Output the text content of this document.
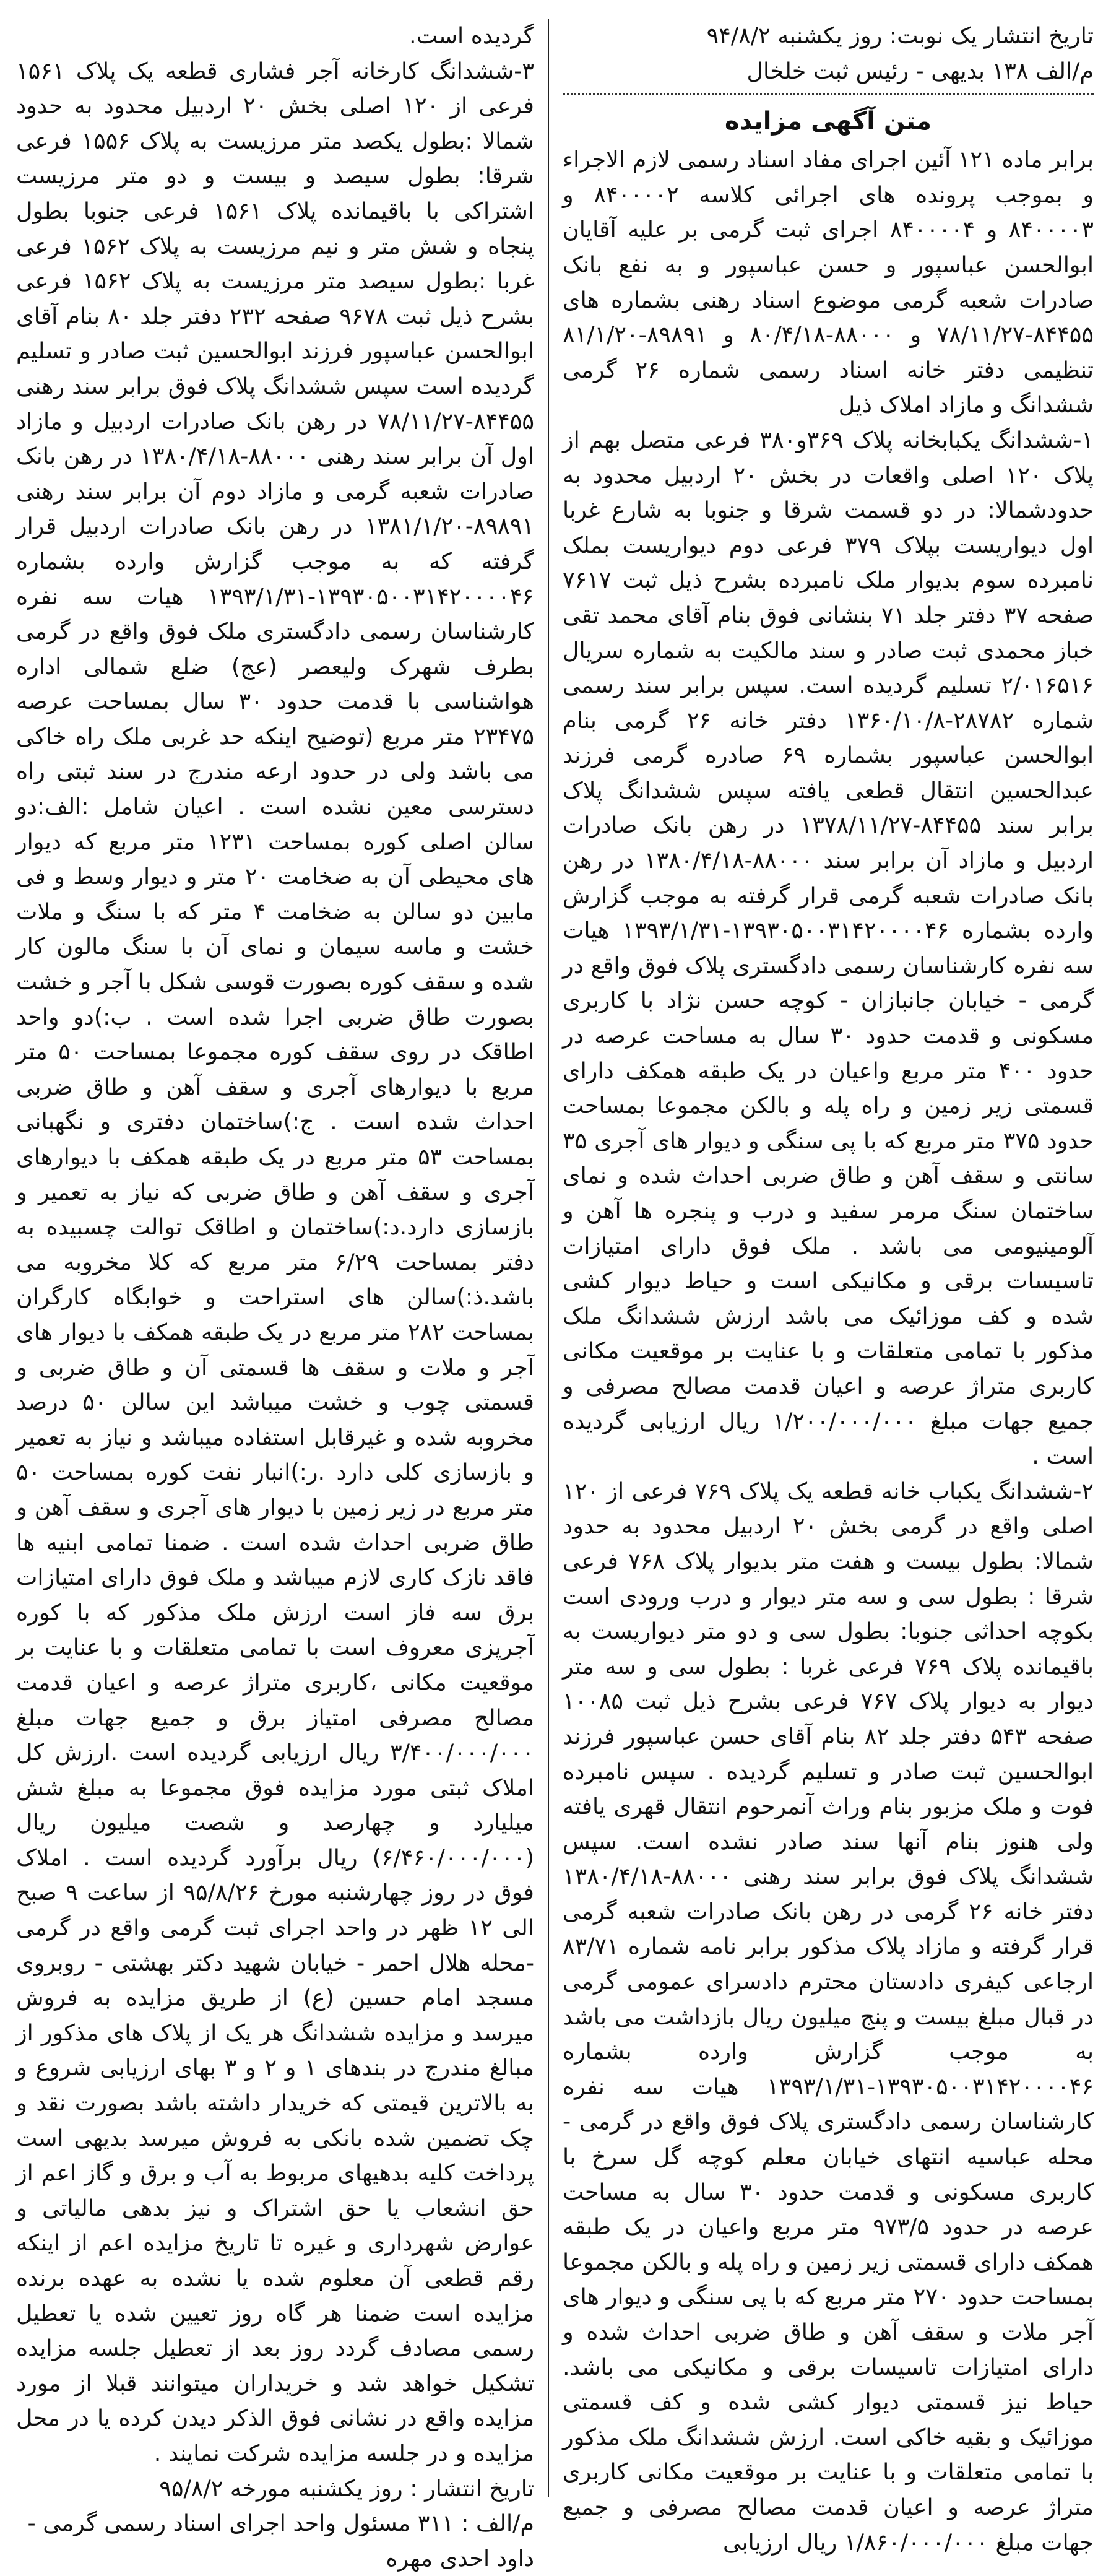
تاریخ انتشار یک نوبت: روز یکشنبه ۹۴/۸/۲
م/الف ۱۳۸ بدیهی - رئیس ثبت خلخال
متن آگهی مزایده
برابر ماده ۱۲۱ آئین اجرای مفاد اسناد رسمی لازم الاجراء و بموجب پرونده های اجرائی کلاسه ۸۴۰۰۰۰۲ و ۸۴۰۰۰۰۳ و ۸۴۰۰۰۰۴ اجرای ثبت گرمی بر علیه آقایان ابوالحسن عباسپور و حسن عباسپور و به نفع بانک صادرات شعبه گرمی موضوع اسناد رهنی بشماره های ۸۴۴۵۵-۷۸/۱۱/۲۷ و ۸۸۰۰۰-۸۰/۴/۱۸ و ۸۹۸۹۱-۸۱/۱/۲۰ تنظیمی دفتر خانه اسناد رسمی شماره ۲۶ گرمی ششدانگ و مازاد املاک ذیل
۱-ششدانگ یکبابخانه پلاک ۳۶۹و۳۸۰ فرعی متصل بهم از پلاک ۱۲۰ اصلی واقعات در بخش ۲۰ اردبیل محدود به حدودشمالا: در دو قسمت شرقا و جنوبا به شارع غربا اول دیواریست بپلاک ۳۷۹ فرعی دوم دیواریست بملک نامبرده سوم بدیوار ملک نامبرده بشرح ذیل ثبت ۷۶۱۷ صفحه ۳۷ دفتر جلد ۷۱ بنشانی فوق بنام آقای محمد تقی خباز محمدی ثبت صادر و سند مالکیت به شماره سریال ۲/۰۱۶۵۱۶ تسلیم گردیده است. سپس برابر سند رسمی شماره ۲۸۷۸۲-۱۳۶۰/۱۰/۸ دفتر خانه ۲۶ گرمی بنام ابوالحسن عباسپور بشماره ۶۹ صادره گرمی فرزند عبدالحسین انتقال قطعی یافته سپس ششدانگ پلاک برابر سند ۸۴۴۵۵-۱۳۷۸/۱۱/۲۷ در رهن بانک صادرات اردبیل و مازاد آن برابر سند ۸۸۰۰۰-۱۳۸۰/۴/۱۸ در رهن بانک صادرات شعبه گرمی قرار گرفته به موجب گزارش وارده بشماره ۱۳۹۳۰۵۰۰۳۱۴۲۰۰۰۰۴۶-۱۳۹۳/۱/۳۱ هیات سه نفره کارشناسان رسمی دادگستری پلاک فوق واقع در گرمی - خیابان جانبازان - کوچه حسن نژاد با کاربری مسکونی و قدمت حدود ۳۰ سال به مساحت عرصه در حدود ۴۰۰ متر مربع واعیان در یک طبقه همکف دارای قسمتی زیر زمین و راه پله و بالکن مجموعا بمساحت حدود ۳۷۵ متر مربع که با پی سنگی و دیوار های آجری ۳۵ سانتی و سقف آهن و طاق ضربی احداث شده و نمای ساختمان سنگ مرمر سفید و درب و پنجره ها آهن و آلومینیومی می باشد . ملک فوق دارای امتیازات تاسیسات برقی و مکانیکی است و حیاط دیوار کشی شده و کف موزائیک می باشد ارزش ششدانگ ملک مذکور با تمامی متعلقات و با عنایت بر موقعیت مکانی کاربری متراژ عرصه و اعیان قدمت مصالح مصرفی و جمیع جهات مبلغ ۱/۲۰۰/۰۰۰/۰۰۰ ریال ارزیابی گردیده است .
۲-ششدانگ یکباب خانه قطعه یک پلاک ۷۶۹ فرعی از ۱۲۰ اصلی واقع در گرمی بخش ۲۰ اردبیل محدود به حدود شمالا: بطول بیست و هفت متر بدیوار پلاک ۷۶۸ فرعی شرقا : بطول سی و سه متر دیوار و درب ورودی است بکوچه احداثی جنوبا: بطول سی و دو متر دیواریست به باقیمانده پلاک ۷۶۹ فرعی غربا : بطول سی و سه متر دیوار به دیوار پلاک ۷۶۷ فرعی بشرح ذیل ثبت ۱۰۰۸۵ صفحه ۵۴۳ دفتر جلد ۸۲ بنام آقای حسن عباسپور فرزند ابوالحسین ثبت صادر و تسلیم گردیده . سپس نامبرده فوت و ملک مزبور بنام وراث آنمرحوم انتقال قهری یافته ولی هنوز بنام آنها سند صادر نشده است. سپس ششدانگ پلاک فوق برابر سند رهنی ۸۸۰۰۰-۱۳۸۰/۴/۱۸ دفتر خانه ۲۶ گرمی در رهن بانک صادرات شعبه گرمی قرار گرفته و مازاد پلاک مذکور برابر نامه شماره ۸۳/۷۱ ارجاعی کیفری دادستان محترم دادسرای عمومی گرمی در قبال مبلغ بیست و پنج میلیون ریال بازداشت می باشد به موجب گزارش وارده بشماره ۱۳۹۳۰۵۰۰۳۱۴۲۰۰۰۰۴۶-۱۳۹۳/۱/۳۱ هیات سه نفره کارشناسان رسمی دادگستری پلاک فوق واقع در گرمی - محله عباسیه انتهای خیابان معلم کوچه گل سرخ با کاربری مسکونی و قدمت حدود ۳۰ سال به مساحت عرصه در حدود ۹۷۳/۵ متر مربع واعیان در یک طبقه همکف دارای قسمتی زیر زمین و راه پله و بالکن مجموعا بمساحت حدود ۲۷۰ متر مربع که با پی سنگی و دیوار های آجر ملات و سقف آهن و طاق ضربی احداث شده و دارای امتیازات تاسیسات برقی و مکانیکی می باشد. حیاط نیز قسمتی دیوار کشی شده و کف قسمتی موزائیک و بقیه خاکی است. ارزش ششدانگ ملک مذکور با تمامی متعلقات و با عنایت بر موقعیت مکانی کاربری متراژ عرصه و اعیان قدمت مصالح مصرفی و جمیع جهات مبلغ ۱/۸۶۰/۰۰۰/۰۰۰ ریال ارزیابی
گردیده است.
۳-ششدانگ کارخانه آجر فشاری قطعه یک پلاک ۱۵۶۱ فرعی از ۱۲۰ اصلی بخش ۲۰ اردبیل محدود به حدود شمالا :بطول یکصد متر مرزیست به پلاک ۱۵۵۶ فرعی شرقا: بطول سیصد و بیست و دو متر مرزیست اشتراکی با باقیمانده پلاک ۱۵۶۱ فرعی جنوبا بطول پنجاه و شش متر و نیم مرزیست به پلاک ۱۵۶۲ فرعی غربا :بطول سیصد متر مرزیست به پلاک ۱۵۶۲ فرعی بشرح ذیل ثبت ۹۶۷۸ صفحه ۲۳۲ دفتر جلد ۸۰ بنام آقای ابوالحسن عباسپور فرزند ابوالحسین ثبت صادر و تسلیم گردیده است سپس ششدانگ پلاک فوق برابر سند رهنی ۸۴۴۵۵-۷۸/۱۱/۲۷ در رهن بانک صادرات اردبیل و مازاد اول آن برابر سند رهنی ۸۸۰۰۰-۱۳۸۰/۴/۱۸ در رهن بانک صادرات شعبه گرمی و مازاد دوم آن برابر سند رهنی ۸۹۸۹۱-۱۳۸۱/۱/۲۰ در رهن بانک صادرات اردبیل قرار گرفته که به موجب گزارش وارده بشماره ۱۳۹۳۰۵۰۰۳۱۴۲۰۰۰۰۴۶-۱۳۹۳/۱/۳۱ هیات سه نفره کارشناسان رسمی دادگستری ملک فوق واقع در گرمی بطرف شهرک ولیعصر (عج) ضلع شمالی اداره هواشناسی با قدمت حدود ۳۰ سال بمساحت عرصه ۲۳۴۷۵ متر مربع (توضیح اینکه حد غربی ملک راه خاکی می باشد ولی در حدود ارعه مندرج در سند ثبتی راه دسترسی معین نشده است . اعیان شامل :الف:دو سالن اصلی کوره بمساحت ۱۲۳۱ متر مربع که دیوار های محیطی آن به ضخامت ۲۰ متر و دیوار وسط و فی مابین دو سالن به ضخامت ۴ متر که با سنگ و ملات خشت و ماسه سیمان و نمای آن با سنگ مالون کار شده و سقف کوره بصورت قوسی شکل با آجر و خشت بصورت طاق ضربی اجرا شده است . ب:)دو واحد اطاقک در روی سقف کوره مجموعا بمساحت ۵۰ متر مربع با دیوارهای آجری و سقف آهن و طاق ضربی احداث شده است . ج:)ساختمان دفتری و نگهبانی بمساحت ۵۳ متر مربع در یک طبقه همکف با دیوارهای آجری و سقف آهن و طاق ضربی که نیاز به تعمیر و بازسازی دارد.د:)ساختمان و اطاقک توالت چسبیده به دفتر بمساحت ۶/۲۹ متر مربع که کلا مخروبه می باشد.ذ:)سالن های استراحت و خوابگاه کارگران بمساحت ۲۸۲ متر مربع در یک طبقه همکف با دیوار های آجر و ملات و سقف ها قسمتی آن و طاق ضربی و قسمتی چوب و خشت میباشد این سالن ۵۰ درصد مخروبه شده و غیرقابل استفاده میباشد و نیاز به تعمیر و بازسازی کلی دارد .ر:)انبار نفت کوره بمساحت ۵۰ متر مربع در زیر زمین با دیوار های آجری و سقف آهن و طاق ضربی احداث شده است . ضمنا تمامی ابنیه ها فاقد نازک کاری لازم میباشد و ملک فوق دارای امتیازات برق سه فاز است ارزش ملک مذکور که با کوره آجرپزی معروف است با تمامی متعلقات و با عنایت بر موقعیت مکانی ،کاربری متراژ عرصه و اعیان قدمت مصالح مصرفی امتیاز برق و جمیع جهات مبلغ ۳/۴۰۰/۰۰۰/۰۰۰ ریال ارزیابی گردیده است .ارزش کل املاک ثبتی مورد مزایده فوق مجموعا به مبلغ شش میلیارد و چهارصد و شصت میلیون ریال (۶/۴۶۰/۰۰۰/۰۰۰) ریال برآورد گردیده است . املاک فوق در روز چهارشنبه مورخ ۹۵/۸/۲۶ از ساعت ۹ صبح الی ۱۲ ظهر در واحد اجرای ثبت گرمی واقع در گرمی -محله هلال احمر - خیابان شهید دکتر بهشتی - روبروی مسجد امام حسین (ع) از طریق مزایده به فروش میرسد و مزایده ششدانگ هر یک از پلاک های مذکور از مبالغ مندرج در بندهای ۱ و ۲ و ۳ بهای ارزیابی شروع و به بالاترین قیمتی که خریدار داشته باشد بصورت نقد و چک تضمین شده بانکی به فروش میرسد بدیهی است پرداخت کلیه بدهیهای مربوط به آب و برق و گاز اعم از حق انشعاب یا حق اشتراک و نیز بدهی مالیاتی و عوارض شهرداری و غیره تا تاریخ مزایده اعم از اینکه رقم قطعی آن معلوم شده یا نشده به عهده برنده مزایده است ضمنا هر گاه روز تعیین شده یا تعطیل رسمی مصادف گردد روز بعد از تعطیل جلسه مزایده تشکیل خواهد شد و خریداران میتوانند قبلا از مورد مزایده واقع در نشانی فوق الذکر دیدن کرده یا در محل مزایده و در جلسه مزایده شرکت نمایند .
تاریخ انتشار : روز یکشنبه مورخه ۹۵/۸/۲
م/الف : ۳۱۱ مسئول واحد اجرای اسناد رسمی گرمی -
داود احدی مهره
